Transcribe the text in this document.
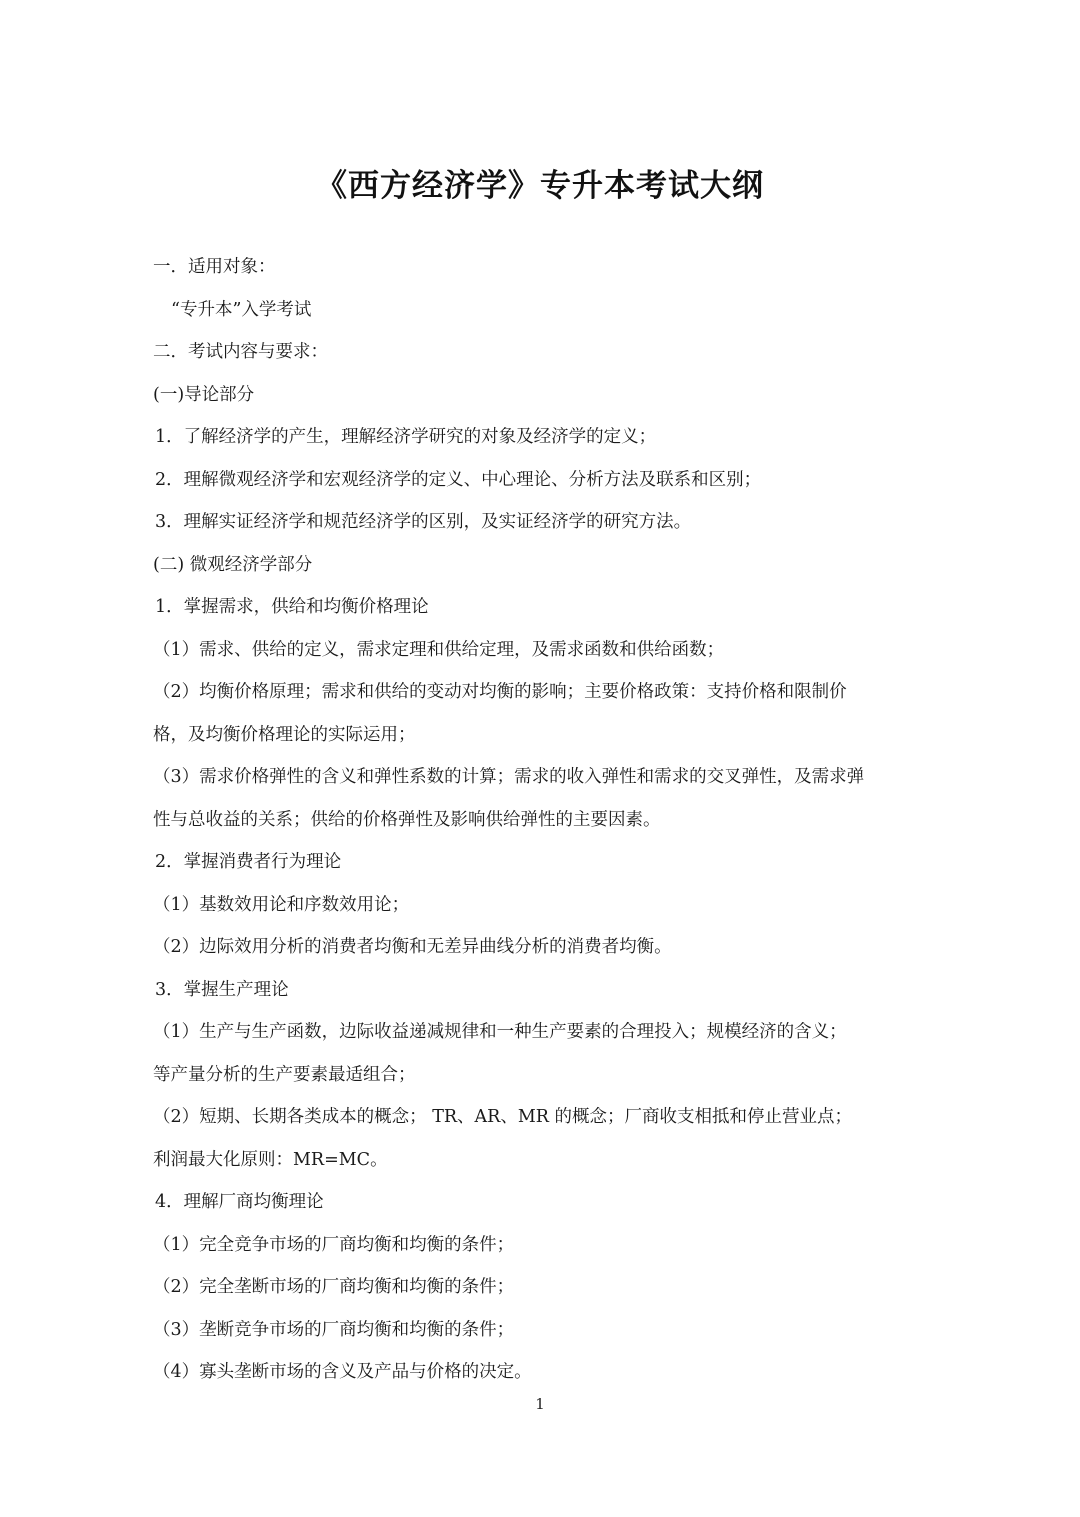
《西方经济学》专升本考试大纲
一．适用对象：
“专升本”入学考试
二．考试内容与要求：
(一)导论部分
1．了解经济学的产生，理解经济学研究的对象及经济学的定义；
2．理解微观经济学和宏观经济学的定义、中心理论、分析方法及联系和区别；
3．理解实证经济学和规范经济学的区别，及实证经济学的研究方法。
(二) 微观经济学部分
1．掌握需求，供给和均衡价格理论
（1）需求、供给的定义，需求定理和供给定理，及需求函数和供给函数；
（2）均衡价格原理；需求和供给的变动对均衡的影响；主要价格政策：支持价格和限制价
格，及均衡价格理论的实际运用；
（3）需求价格弹性的含义和弹性系数的计算；需求的收入弹性和需求的交叉弹性，及需求弹
性与总收益的关系；供给的价格弹性及影响供给弹性的主要因素。
2．掌握消费者行为理论
（1）基数效用论和序数效用论；
（2）边际效用分析的消费者均衡和无差异曲线分析的消费者均衡。
3．掌握生产理论
（1）生产与生产函数，边际收益递减规律和一种生产要素的合理投入；规模经济的含义；
等产量分析的生产要素最适组合；
（2）短期、长期各类成本的概念； TR、AR、MR 的概念；厂商收支相抵和停止营业点；
利润最大化原则：MR=MC。
4．理解厂商均衡理论
（1）完全竞争市场的厂商均衡和均衡的条件；
（2）完全垄断市场的厂商均衡和均衡的条件；
（3）垄断竞争市场的厂商均衡和均衡的条件；
（4）寡头垄断市场的含义及产品与价格的决定。
1
